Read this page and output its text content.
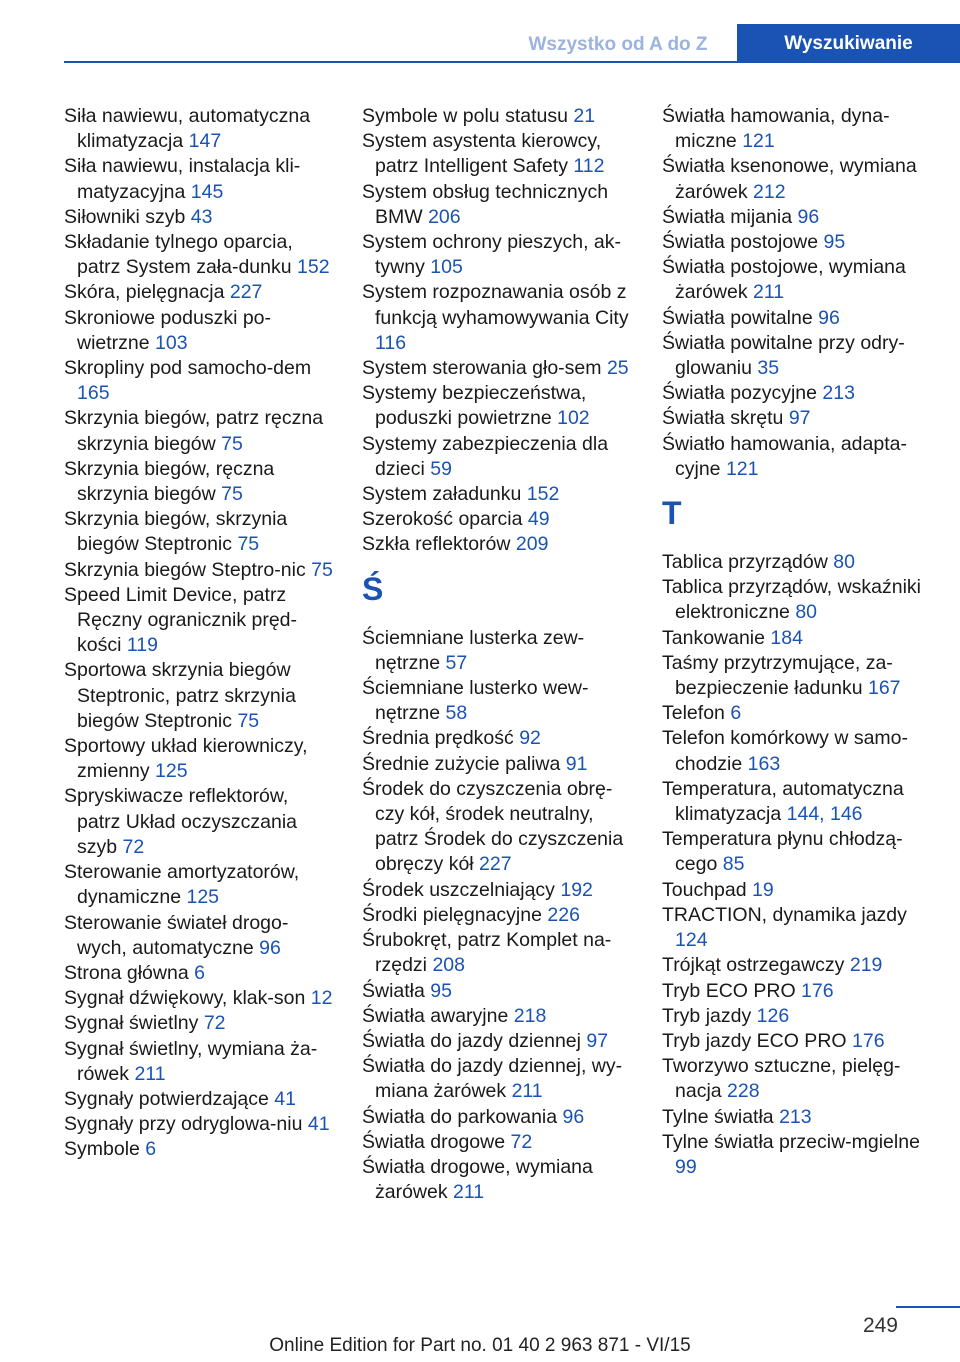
Wszystko od A do Z	Wyszukiwanie

Siła nawiewu, automatyczna klimatyzacja 147

Siła nawiewu, instalacja kli-matyzacyjna 145

Siłowniki szyb 43

Składanie tylnego oparcia, patrz System zała-dunku 152

Skóra, pielęgnacja 227

Skroniowe poduszki po-wietrzne 103

Skropliny pod samocho-dem 165

Skrzynia biegów, patrz ręczna skrzynia biegów 75

Skrzynia biegów, ręczna skrzynia biegów 75

Skrzynia biegów, skrzynia biegów Steptronic 75

Skrzynia biegów Steptro-nic 75

Speed Limit Device, patrz Ręczny ogranicznik pręd-kości 119

Sportowa skrzynia biegów Steptronic, patrz skrzynia biegów Steptronic 75

Sportowy układ kierowniczy, zmienny 125

Spryskiwacze reflektorów, patrz Układ oczyszczania szyb 72

Sterowanie amortyzatorów, dynamiczne 125

Sterowanie świateł drogo-wych, automatyczne 96

Strona główna 6

Sygnał dźwiękowy, klak-son 12

Sygnał świetlny 72

Sygnał świetlny, wymiana ża-rówek 211

Sygnały potwierdzające 41

Sygnały przy odryglowa-niu 41

Symbole 6

Symbole w polu statusu 21

System asystenta kierowcy, patrz Intelligent Safety 112

System obsług technicznych BMW 206

System ochrony pieszych, ak-tywny 105

System rozpoznawania osób z funkcją wyhamowywania City 116

System sterowania gło-sem 25

Systemy bezpieczeństwa, poduszki powietrzne 102

Systemy zabezpieczenia dla dzieci 59

System załadunku 152

Szerokość oparcia 49

Szkła reflektorów 209

Ś

Ściemniane lusterka zew-nętrzne 57

Ściemniane lusterko wew-nętrzne 58

Średnia prędkość 92

Średnie zużycie paliwa 91

Środek do czyszczenia obrę-czy kół, środek neutralny, patrz Środek do czyszczenia obręczy kół 227

Środek uszczelniający 192

Środki pielęgnacyjne 226

Śrubokręt, patrz Komplet na-rzędzi 208

Światła 95

Światła awaryjne 218

Światła do jazdy dziennej 97

Światła do jazdy dziennej, wy-miana żarówek 211

Światła do parkowania 96

Światła drogowe 72

Światła drogowe, wymiana żarówek 211

Światła hamowania, dyna-miczne 121

Światła ksenonowe, wymiana żarówek 212

Światła mijania 96

Światła postojowe 95

Światła postojowe, wymiana żarówek 211

Światła powitalne 96

Światła powitalne przy odry-glowaniu 35

Światła pozycyjne 213

Światła skrętu 97

Światło hamowania, adapta-cyjne 121

T

Tablica przyrządów 80

Tablica przyrządów, wskaźniki elektroniczne 80

Tankowanie 184

Taśmy przytrzymujące, za-bezpieczenie ładunku 167

Telefon 6

Telefon komórkowy w samo-chodzie 163

Temperatura, automatyczna klimatyzacja 144, 146

Temperatura płynu chłodzą-cego 85

Touchpad 19

TRACTION, dynamika jazdy 124

Trójkąt ostrzegawczy 219

Tryb ECO PRO 176

Tryb jazdy 126

Tryb jazdy ECO PRO 176

Tworzywo sztuczne, pielęg-nacja 228

Tylne światła 213

Tylne światła przeciw-mgielne 99

249
Online Edition for Part no. 01 40 2 963 871 - VI/15
